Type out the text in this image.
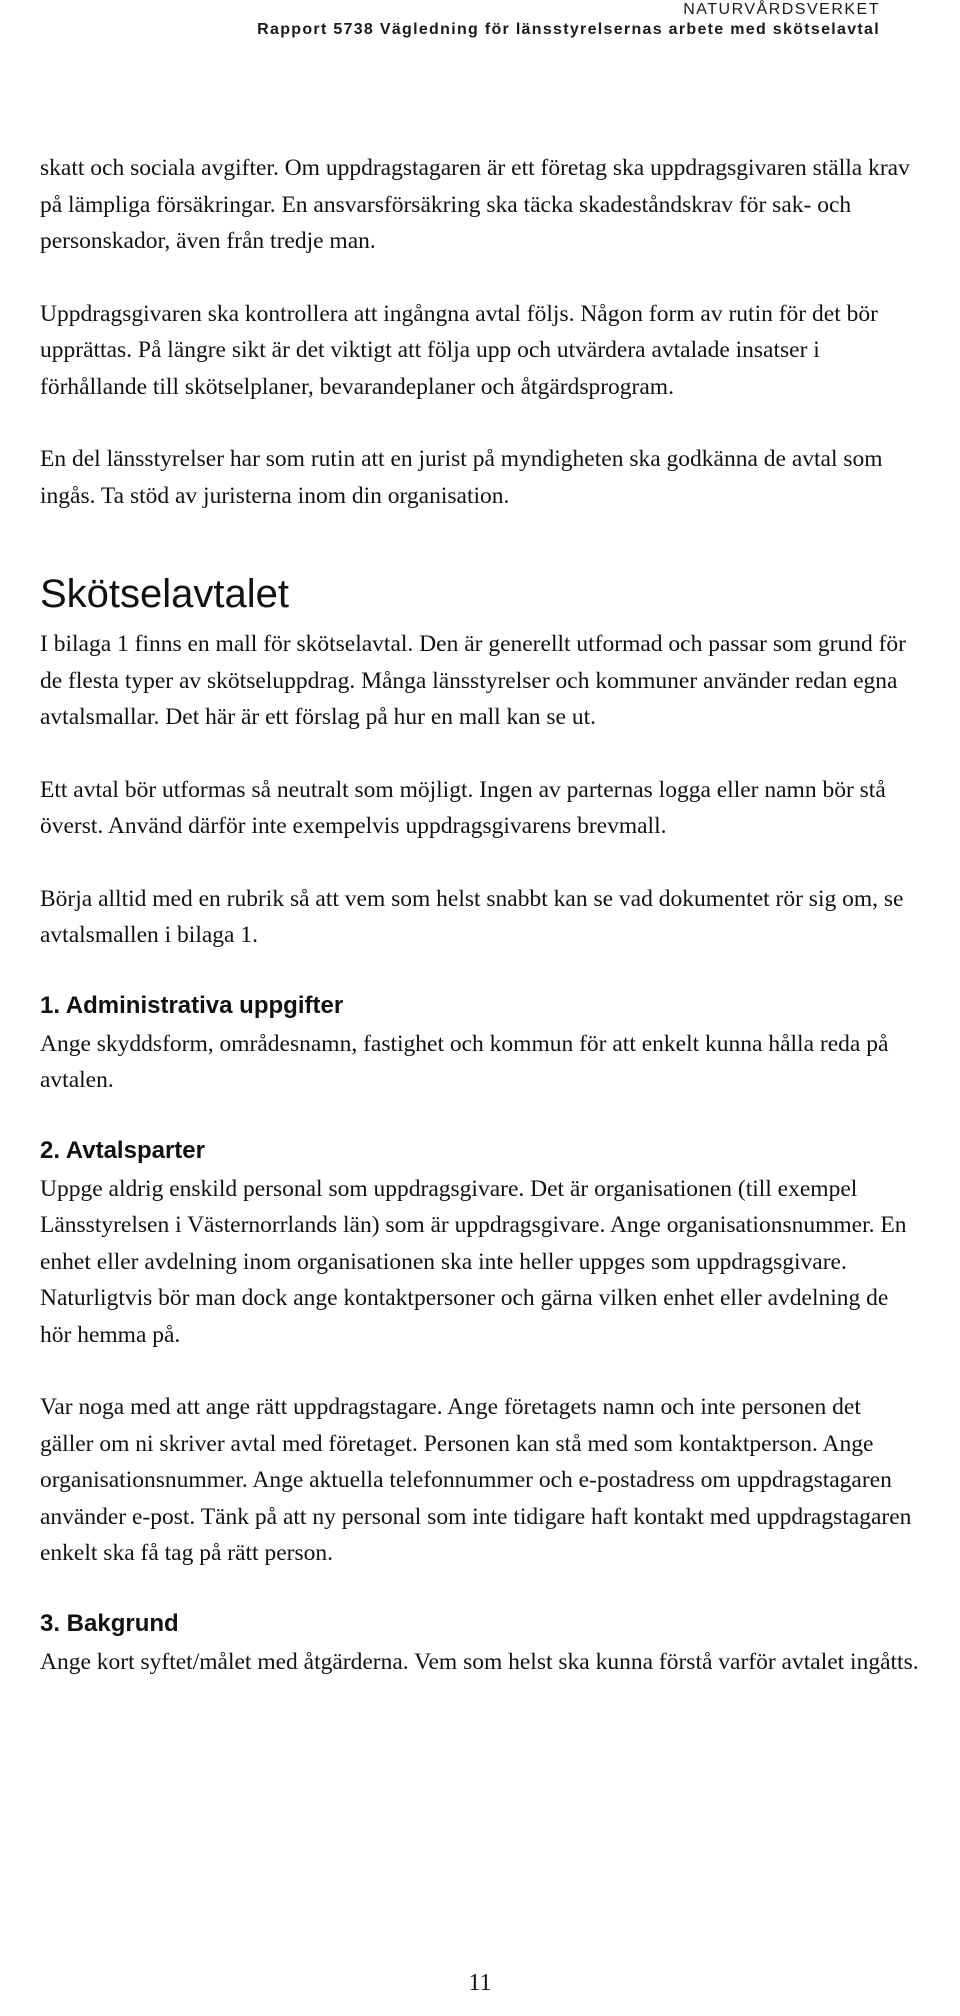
NATURVÅRDSVERKET
Rapport 5738 Vägledning för länsstyrelsernas arbete med skötselavtal

skatt och sociala avgifter. Om uppdragstagaren är ett företag ska uppdragsgivaren ställa krav på lämpliga försäkringar. En ansvarsförsäkring ska täcka skadeståndskrav för sak- och personskador, även från tredje man.

Uppdragsgivaren ska kontrollera att ingångna avtal följs. Någon form av rutin för det bör upprättas. På längre sikt är det viktigt att följa upp och utvärdera avtalade insatser i förhållande till skötselplaner, bevarandeplaner och åtgärdsprogram.

En del länsstyrelser har som rutin att en jurist på myndigheten ska godkänna de avtal som ingås. Ta stöd av juristerna inom din organisation.

Skötselavtalet

I bilaga 1 finns en mall för skötselavtal. Den är generellt utformad och passar som grund för de flesta typer av skötseluppdrag. Många länsstyrelser och kommuner använder redan egna avtalsmallar. Det här är ett förslag på hur en mall kan se ut.

Ett avtal bör utformas så neutralt som möjligt. Ingen av parternas logga eller namn bör stå överst. Använd därför inte exempelvis uppdragsgivarens brevmall.

Börja alltid med en rubrik så att vem som helst snabbt kan se vad dokumentet rör sig om, se avtalsmallen i bilaga 1.

1. Administrativa uppgifter

Ange skyddsform, områdesnamn, fastighet och kommun för att enkelt kunna hålla reda på avtalen.

2. Avtalsparter

Uppge aldrig enskild personal som uppdragsgivare. Det är organisationen (till exempel Länsstyrelsen i Västernorrlands län) som är uppdragsgivare. Ange organisationsnummer. En enhet eller avdelning inom organisationen ska inte heller uppges som uppdragsgivare. Naturligtvis bör man dock ange kontaktpersoner och gärna vilken enhet eller avdelning de hör hemma på.

Var noga med att ange rätt uppdragstagare. Ange företagets namn och inte personen det gäller om ni skriver avtal med företaget. Personen kan stå med som kontaktperson. Ange organisationsnummer. Ange aktuella telefonnummer och e-postadress om uppdragstagaren använder e-post. Tänk på att ny personal som inte tidigare haft kontakt med uppdragstagaren enkelt ska få tag på rätt person.

3. Bakgrund

Ange kort syftet/målet med åtgärderna. Vem som helst ska kunna förstå varför avtalet ingåtts.

11
